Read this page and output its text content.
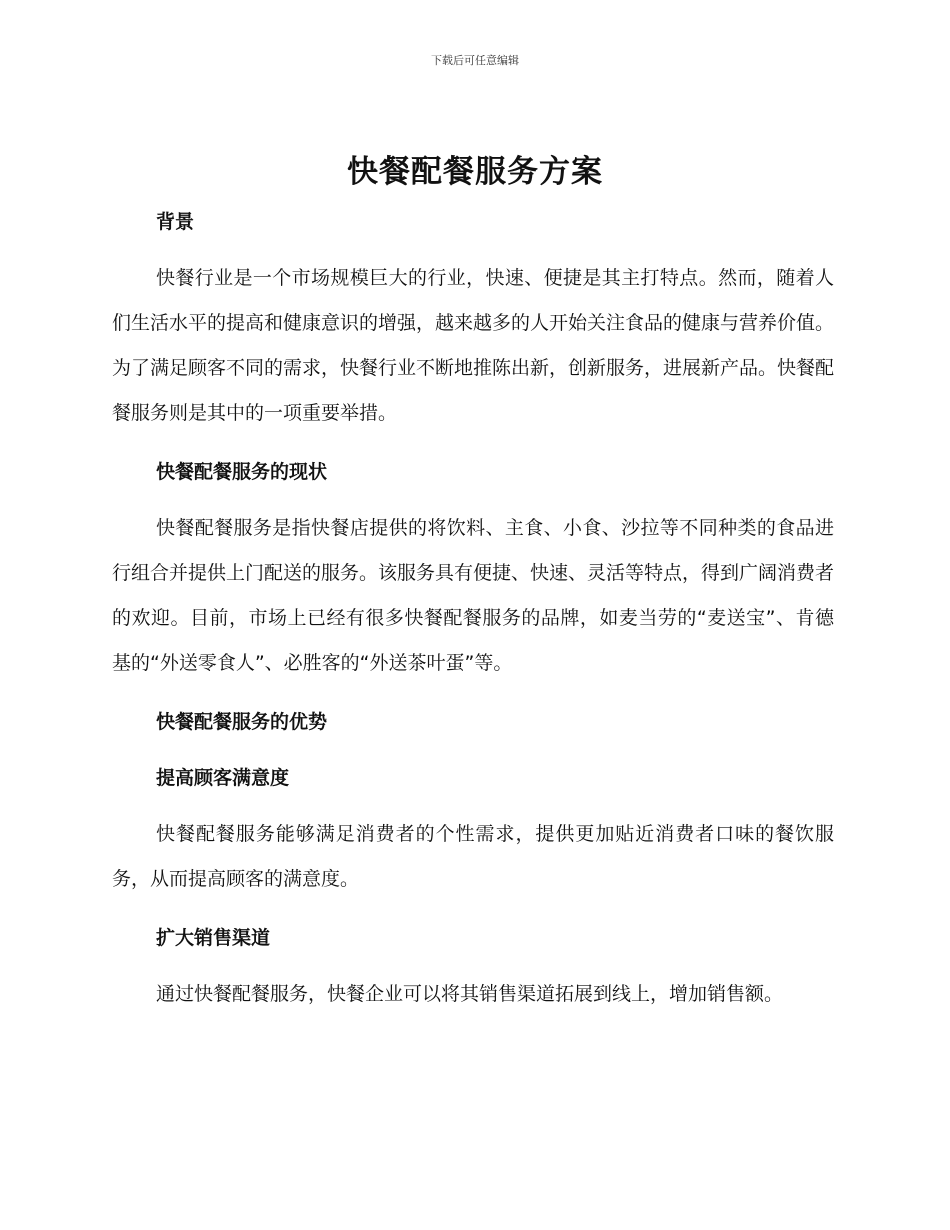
下载后可任意编辑
快餐配餐服务方案
背景

快餐行业是一个市场规模巨大的行业，快速、便捷是其主打特点。然而，随着人们生活水平的提高和健康意识的增强，越来越多的人开始关注食品的健康与营养价值。为了满足顾客不同的需求，快餐行业不断地推陈出新，创新服务，进展新产品。快餐配餐服务则是其中的一项重要举措。

快餐配餐服务的现状

快餐配餐服务是指快餐店提供的将饮料、主食、小食、沙拉等不同种类的食品进行组合并提供上门配送的服务。该服务具有便捷、快速、灵活等特点，得到广阔消费者的欢迎。目前，市场上已经有很多快餐配餐服务的品牌，如麦当劳的“麦送宝”、肯德基的“外送零食人”、必胜客的“外送茶叶蛋”等。

快餐配餐服务的优势
提高顾客满意度

快餐配餐服务能够满足消费者的个性需求，提供更加贴近消费者口味的餐饮服务，从而提高顾客的满意度。

扩大销售渠道

通过快餐配餐服务，快餐企业可以将其销售渠道拓展到线上，增加销售额。
